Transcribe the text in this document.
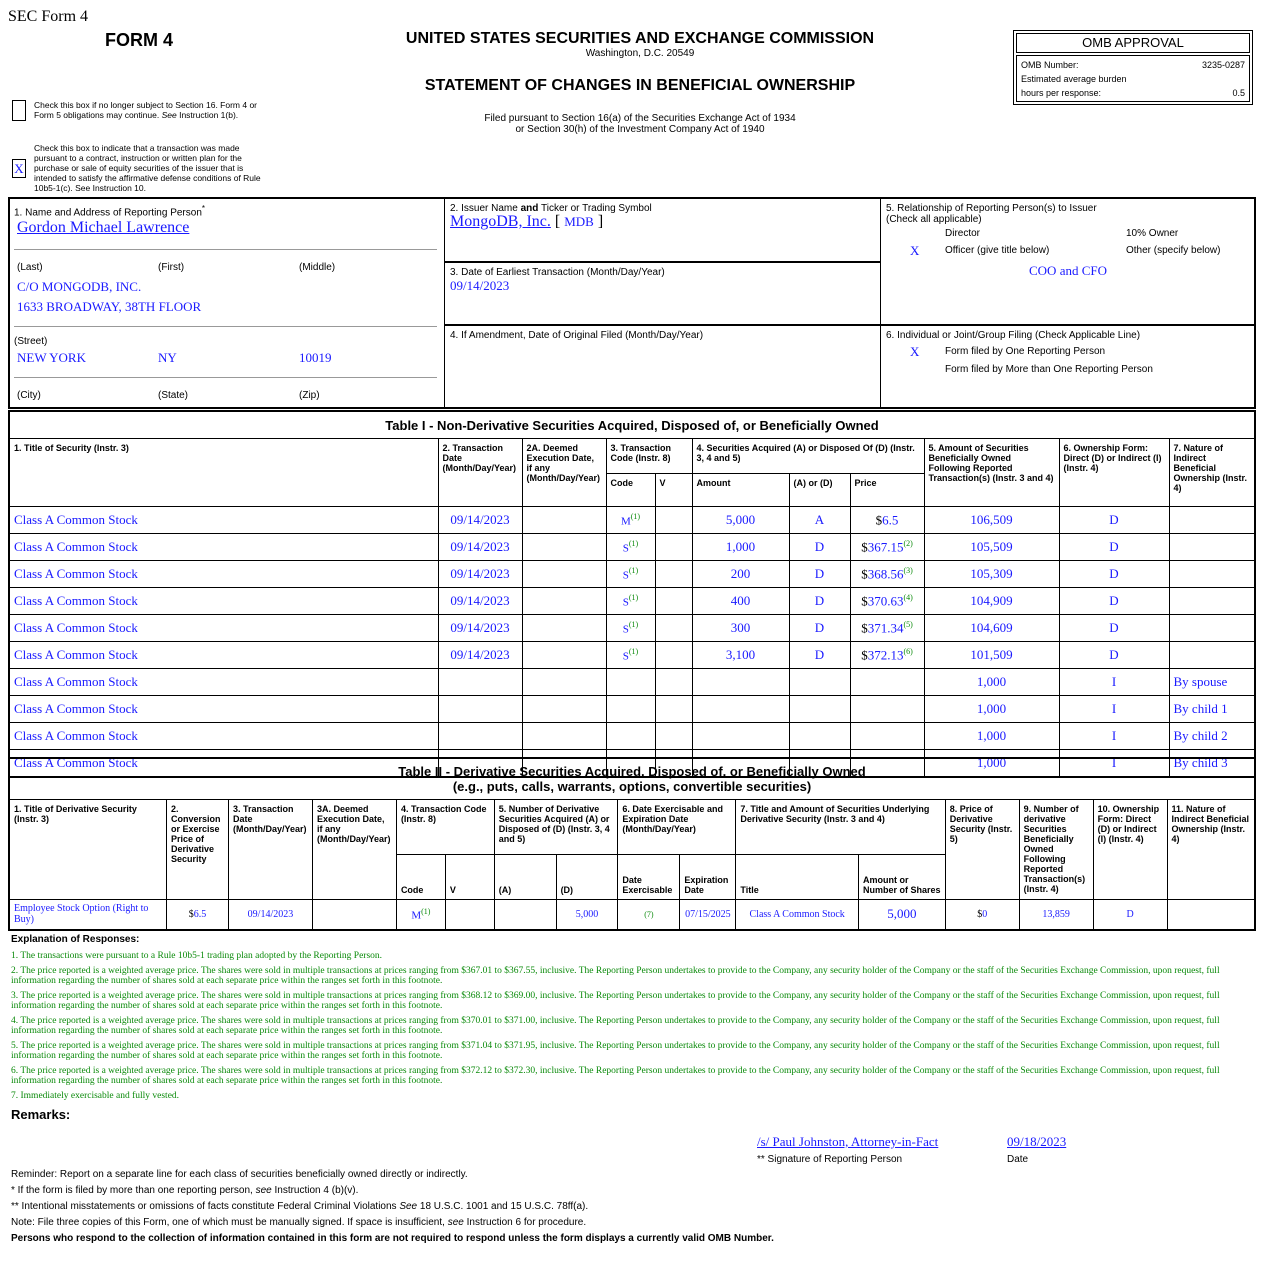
SEC Form 4
FORM 4	UNITED STATES SECURITIES AND EXCHANGE COMMISSION
Washington, D.C. 20549
STATEMENT OF CHANGES IN BENEFICIAL OWNERSHIP
Filed pursuant to Section 16(a) of the Securities Exchange Act of 1934
or Section 30(h) of the Investment Company Act of 1940
OMB APPROVAL
OMB Number:	3235-0287
Estimated average burden
hours per response:	0.5
Check this box if no longer subject to Section 16. Form 4 or Form 5 obligations may continue. See Instruction 1(b).
X
Check this box to indicate that a transaction was made pursuant to a contract, instruction or written plan for the purchase or sale of equity securities of the issuer that is intended to satisfy the affirmative defense conditions of Rule 10b5-1(c). See Instruction 10.
1. Name and Address of Reporting Person*
Gordon Michael Lawrence
(Last)	(First)	(Middle)
C/O MONGODB, INC.
1633 BROADWAY, 38TH FLOOR
(Street)
NEW YORK	NY	10019
(City)	(State)	(Zip)
2. Issuer Name and Ticker or Trading Symbol
MongoDB, Inc. [ MDB ]
3. Date of Earliest Transaction (Month/Day/Year)
09/14/2023
4. If Amendment, Date of Original Filed (Month/Day/Year)
5. Relationship of Reporting Person(s) to Issuer
(Check all applicable)
Director	10% Owner
X	Officer (give title below)	Other (specify below)
COO and CFO
6. Individual or Joint/Group Filing (Check Applicable Line)
X	Form filed by One Reporting Person
Form filed by More than One Reporting Person
Table I - Non-Derivative Securities Acquired, Disposed of, or Beneficially Owned										
1. Title of Security (Instr. 3)	2. Transaction Date (Month/Day/Year)	2A. Deemed Execution Date, if any (Month/Day/Year)	3. Transaction Code (Instr. 8)		4. Securities Acquired (A) or Disposed Of (D) (Instr. 3, 4 and 5)			5. Amount of Securities Beneficially Owned Following Reported Transaction(s) (Instr. 3 and 4)	6. Ownership Form: Direct (D) or Indirect (I) (Instr. 4)	7. Nature of Indirect Beneficial Ownership (Instr. 4)
			Code	V	Amount	(A) or (D)	Price			
Class A Common Stock	09/14/2023		$M^{(1)}$		5,000	A	$6.5	106,509	D	
Class A Common Stock	09/14/2023		$S^{(1)}$		1,000	D	$367.15$^{(2)}$	105,509	D	
Class A Common Stock	09/14/2023		$S^{(1)}$		200	D	$368.56$^{(3)}$	105,309	D	
Class A Common Stock	09/14/2023		$S^{(1)}$		400	D	$370.63$^{(4)}$	104,909	D	
Class A Common Stock	09/14/2023		$S^{(1)}$		300	D	$371.34$^{(5)}$	104,609	D	
Class A Common Stock	09/14/2023		$S^{(1)}$		3,100	D	$372.13$^{(6)}$	101,509	D	
Class A Common Stock								1,000	I	By spouse
Class A Common Stock								1,000	I	By child 1
Class A Common Stock								1,000	I	By child 2
Class A Common Stock								1,000	I	By child 3
Table II - Derivative Securities Acquired, Disposed of, or Beneficially Owned
(e.g., puts, calls, warrants, options, convertible securities)															

1. Title of Derivative Security (Instr. 3)	2. Conversion or Exercise Price of Derivative Security	3. Transaction Date (Month/Day/Year)	3A. Deemed Execution Date, if any (Month/Day/Year)	4. Transaction Code (Instr. 8)		5. Number of Derivative Securities Acquired (A) or Disposed of (D) (Instr. 3, 4 and 5)		6. Date Exercisable and Expiration Date (Month/Day/Year)		7. Title and Amount of Securities Underlying Derivative Security (Instr. 3 and 4)		8. Price of Derivative Security (Instr. 5)	9. Number of derivative Securities Beneficially Owned Following Reported Transaction(s) (Instr. 4)	10. Ownership Form: Direct (D) or Indirect (I) (Instr. 4)	11. Nature of Indirect Beneficial Ownership (Instr. 4)
				Code	V	(A)	(D)	Date Exercisable	Expiration Date	Title	Amount or Number of Shares				
Employee Stock Option (Right to Buy)	$6.5	09/14/2023		$M^{(1)}$			5,000	(7)	07/15/2025	Class A Common Stock	5,000	$0	13,859	D	
Explanation of Responses:
1. The transactions were pursuant to a Rule 10b5-1 trading plan adopted by the Reporting Person.
2. The price reported is a weighted average price. The shares were sold in multiple transactions at prices ranging from $367.01 to $367.55, inclusive. The Reporting Person undertakes to provide to the Company, any security holder of the Company or the staff of the Securities Exchange Commission, upon request, full information regarding the number of shares sold at each separate price within the ranges set forth in this footnote.
3. The price reported is a weighted average price. The shares were sold in multiple transactions at prices ranging from $368.12 to $369.00, inclusive. The Reporting Person undertakes to provide to the Company, any security holder of the Company or the staff of the Securities Exchange Commission, upon request, full information regarding the number of shares sold at each separate price within the ranges set forth in this footnote.
4. The price reported is a weighted average price. The shares were sold in multiple transactions at prices ranging from $370.01 to $371.00, inclusive. The Reporting Person undertakes to provide to the Company, any security holder of the Company or the staff of the Securities Exchange Commission, upon request, full information regarding the number of shares sold at each separate price within the ranges set forth in this footnote.
5. The price reported is a weighted average price. The shares were sold in multiple transactions at prices ranging from $371.04 to $371.95, inclusive. The Reporting Person undertakes to provide to the Company, any security holder of the Company or the staff of the Securities Exchange Commission, upon request, full information regarding the number of shares sold at each separate price within the ranges set forth in this footnote.
6. The price reported is a weighted average price. The shares were sold in multiple transactions at prices ranging from $372.12 to $372.30, inclusive. The Reporting Person undertakes to provide to the Company, any security holder of the Company or the staff of the Securities Exchange Commission, upon request, full information regarding the number of shares sold at each separate price within the ranges set forth in this footnote.
7. Immediately exercisable and fully vested.
Remarks:
/s/ Paul Johnston, Attorney-in-Fact	09/18/2023
** Signature of Reporting Person	Date
Reminder: Report on a separate line for each class of securities beneficially owned directly or indirectly.
* If the form is filed by more than one reporting person, see Instruction 4 (b)(v).
** Intentional misstatements or omissions of facts constitute Federal Criminal Violations See 18 U.S.C. 1001 and 15 U.S.C. 78ff(a).
Note: File three copies of this Form, one of which must be manually signed. If space is insufficient, see Instruction 6 for procedure.
Persons who respond to the collection of information contained in this form are not required to respond unless the form displays a currently valid OMB Number.
